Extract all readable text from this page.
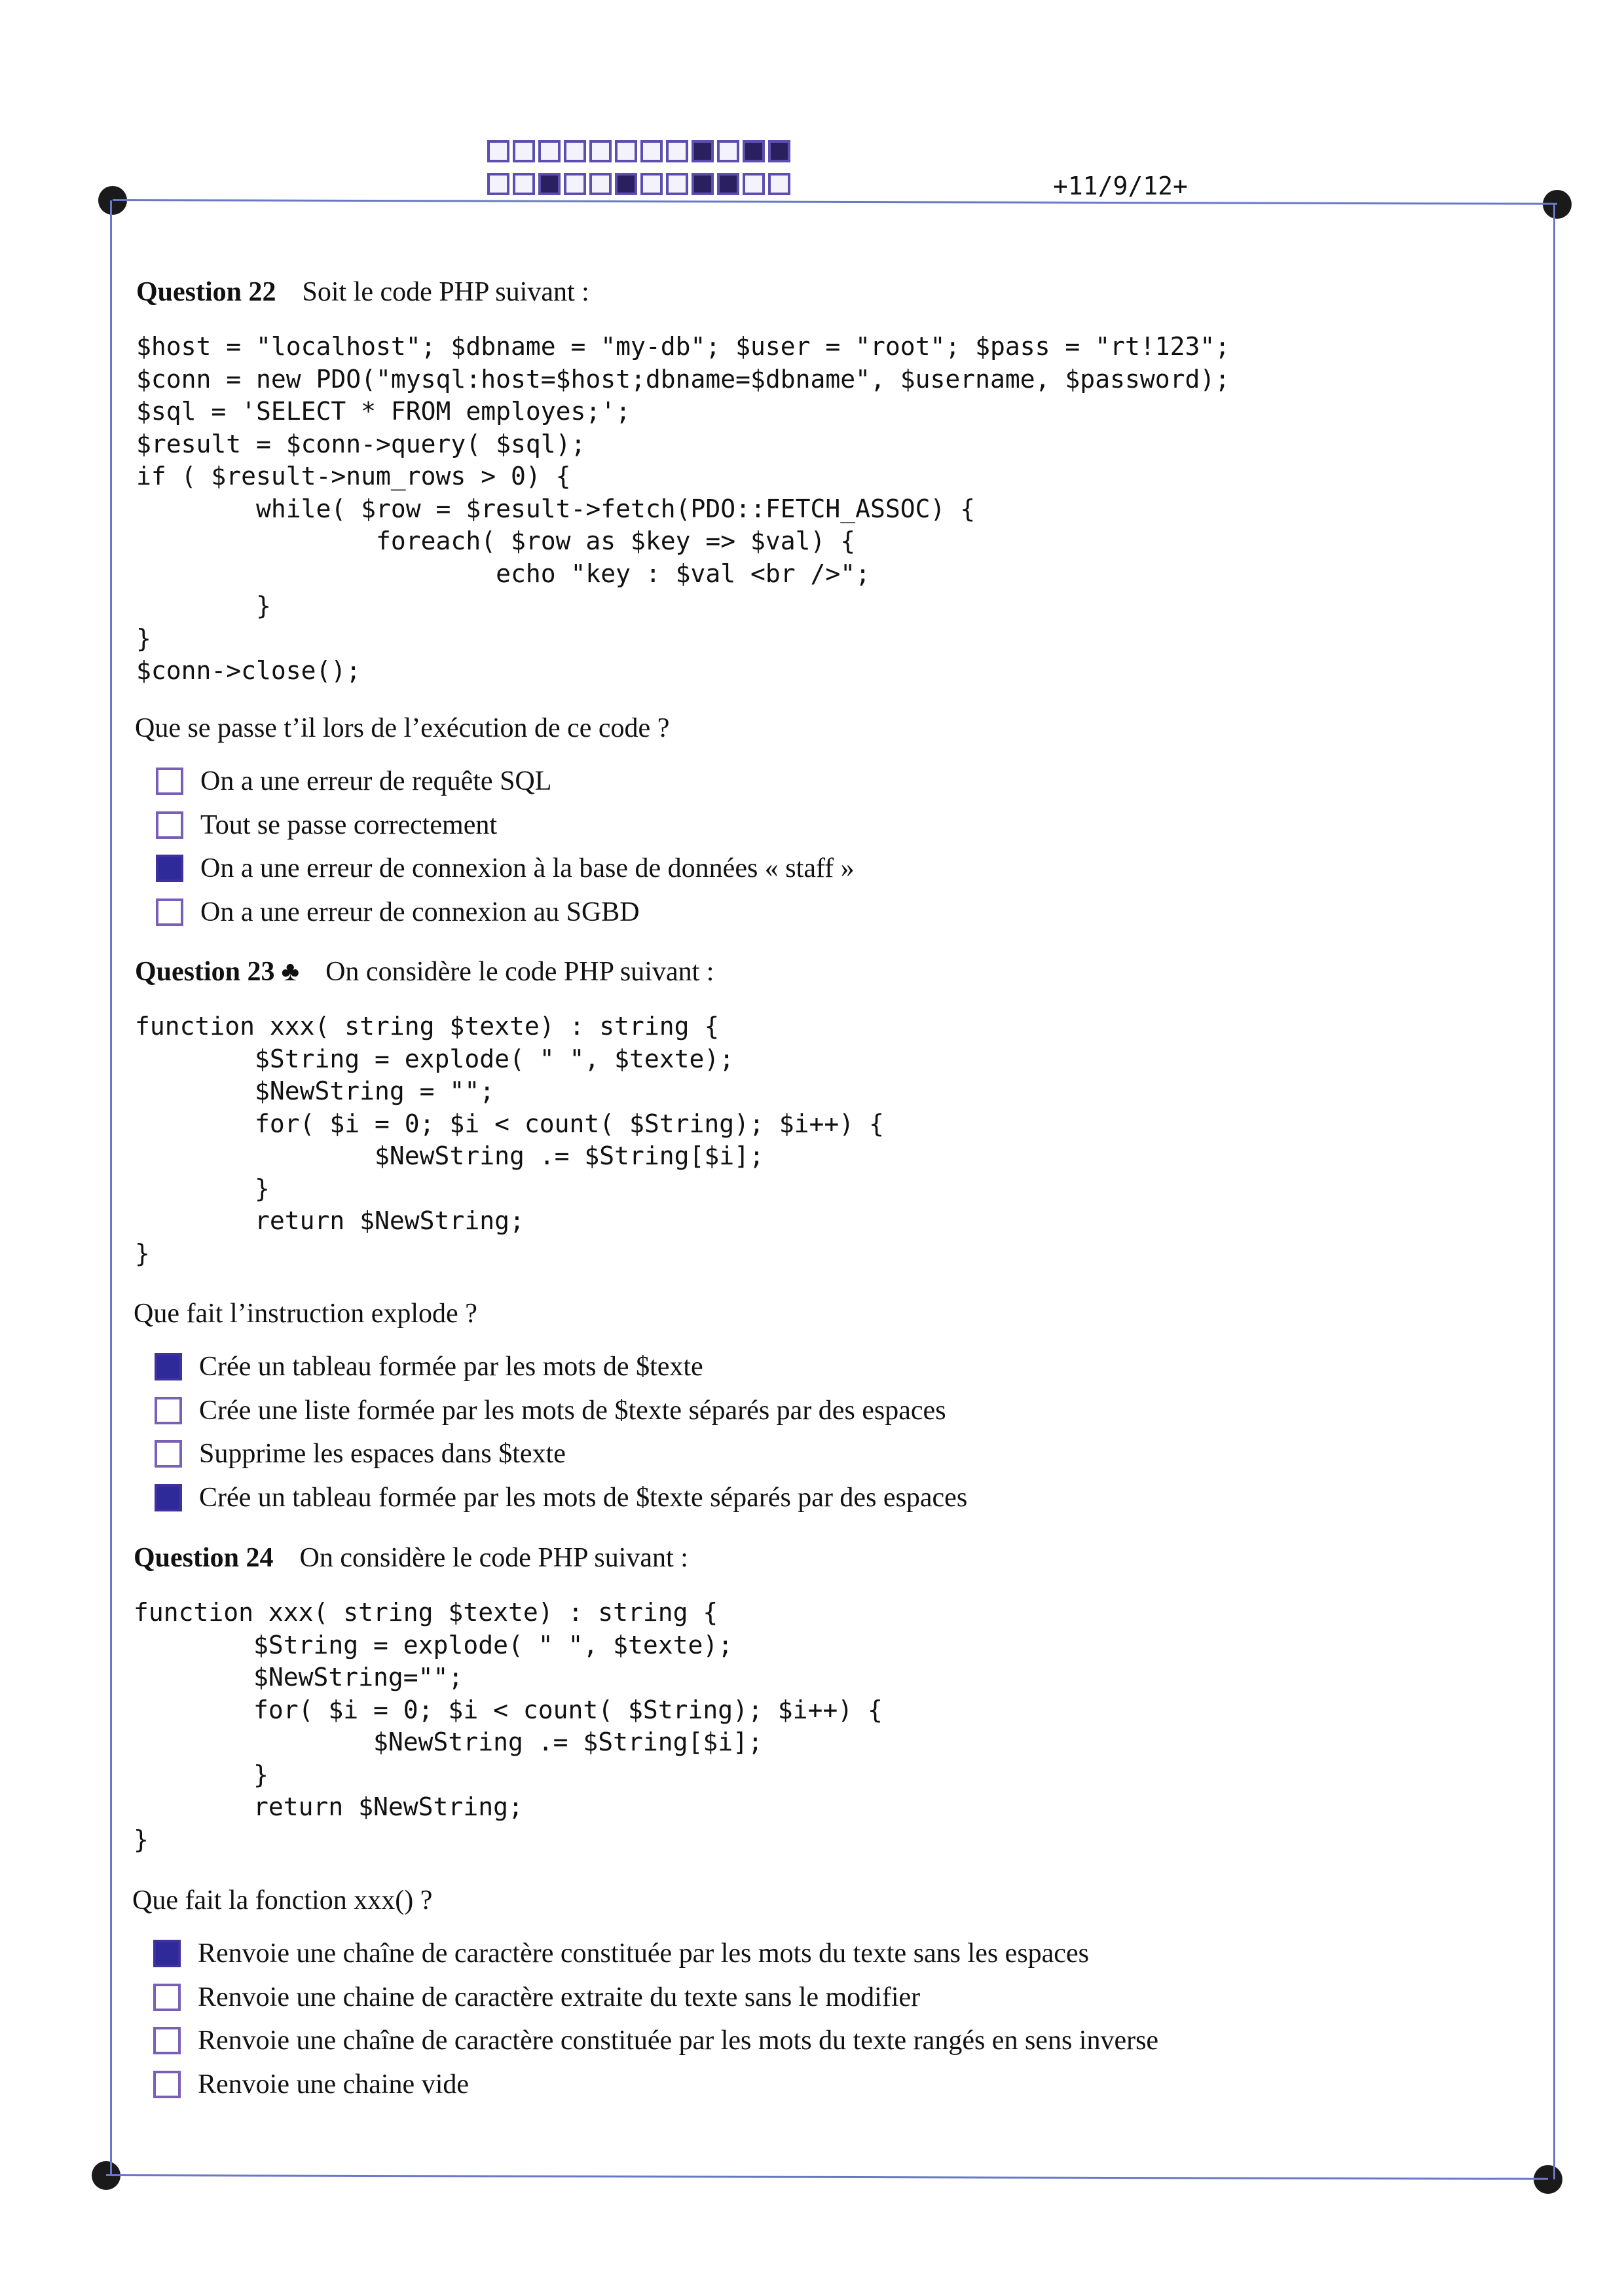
+11/9/12+
Question 22 Soit le code PHP suivant :
$host = "localhost"; $dbname = "my-db"; $user = "root"; $pass = "rt!123";
$conn = new PDO("mysql:host=$host;dbname=$dbname", $username, $password);
$sql = 'SELECT * FROM employes;';
$result = $conn->query( $sql);
if ( $result->num_rows > 0) {
while( $row = $result->fetch(PDO::FETCH_ASSOC) {
foreach( $row as $key => $val) {
echo "key : $val <br />";
}
}
$conn->close();
Que se passe t’il lors de l’exécution de ce code ?
On a une erreur de requête SQL
Tout se passe correctement
On a une erreur de connexion à la base de données « staff »
On a une erreur de connexion au SGBD
Question 23 ♣ On considère le code PHP suivant :
function xxx( string $texte) : string {
$String = explode( " ", $texte);
$NewString = "";
for( $i = 0; $i < count( $String); $i++) {
$NewString .= $String[$i];
}
return $NewString;
}
Que fait l’instruction explode ?
Crée un tableau formée par les mots de $texte
Crée une liste formée par les mots de $texte séparés par des espaces
Supprime les espaces dans $texte
Crée un tableau formée par les mots de $texte séparés par des espaces
Question 24 On considère le code PHP suivant :
function xxx( string $texte) : string {
$String = explode( " ", $texte);
$NewString="";
for( $i = 0; $i < count( $String); $i++) {
$NewString .= $String[$i];
}
return $NewString;
}
Que fait la fonction xxx() ?
Renvoie une chaîne de caractère constituée par les mots du texte sans les espaces
Renvoie une chaine de caractère extraite du texte sans le modifier
Renvoie une chaîne de caractère constituée par les mots du texte rangés en sens inverse
Renvoie une chaine vide
